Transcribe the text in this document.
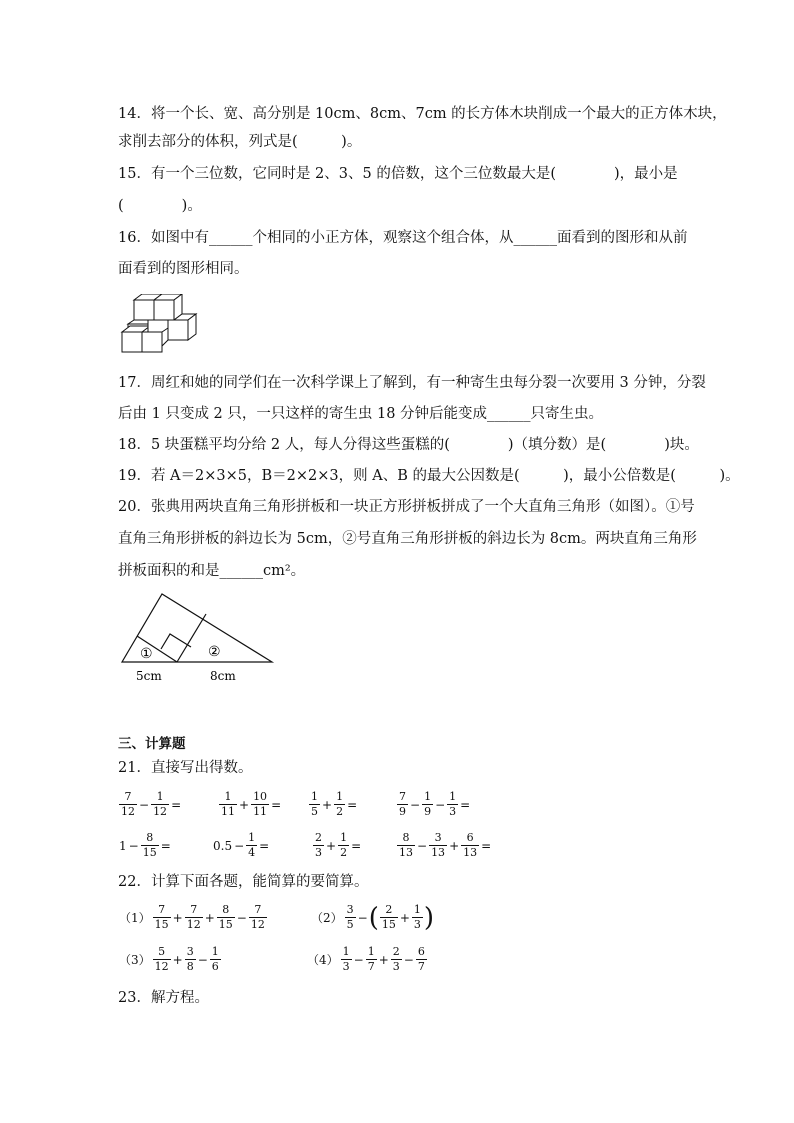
14．将一个长、宽、高分别是 10cm、8cm、7cm 的长方体木块削成一个最大的正方体木块，
求削去部分的体积，列式是(　　　)。
15．有一个三位数，它同时是 2、3、5 的倍数，这个三位数最大是(　　　　)，最小是
(　　　　)。
16．如图中有______个相同的小正方体，观察这个组合体，从______面看到的图形和从前
面看到的图形相同。
17．周红和她的同学们在一次科学课上了解到，有一种寄生虫每分裂一次要用 3 分钟，分裂
后由 1 只变成 2 只，一只这样的寄生虫 18 分钟后能变成______只寄生虫。
18．5 块蛋糕平均分给 2 人，每人分得这些蛋糕的(　　　　)（填分数）是(　　　　)块。
19．若 A＝2×3×5，B＝2×2×3，则 A、B 的最大公因数是(　　　)，最小公倍数是(　　　)。
20．张典用两块直角三角形拼板和一块正方形拼板拼成了一个大直角三角形（如图）。①号
直角三角形拼板的斜边长为 5cm，②号直角三角形拼板的斜边长为 8cm。两块直角三角形
拼板面积的和是______cm²。
①	②
5cm	8cm
三、计算题
21．直接写出得数。
$\frac{7}{12} - \frac{1}{12}$ =	$\frac{1}{11} + \frac{10}{11}$ =	$\frac{1}{5} + \frac{1}{2}$ =	$\frac{7}{9} - \frac{1}{9} - \frac{1}{3}$ =
$1 - \frac{8}{15}$ =	$0.5 - \frac{1}{4}$ =	$\frac{2}{3} + \frac{1}{2}$ =	$\frac{8}{13} - \frac{3}{13} + \frac{6}{13}$ =
22．计算下面各题，能简算的要简算。
$(1) \frac{7}{15} + \frac{7}{12} + \frac{8}{15} - \frac{7}{12}$	$(2) \frac{3}{5}$ − ( $\frac{2}{15} + \frac{1}{3}$ )
$(3) \frac{5}{12} + \frac{3}{8} - \frac{1}{6}$	$(4) \frac{1}{3} - \frac{1}{7} + \frac{2}{3} - \frac{6}{7}$
23．解方程。
